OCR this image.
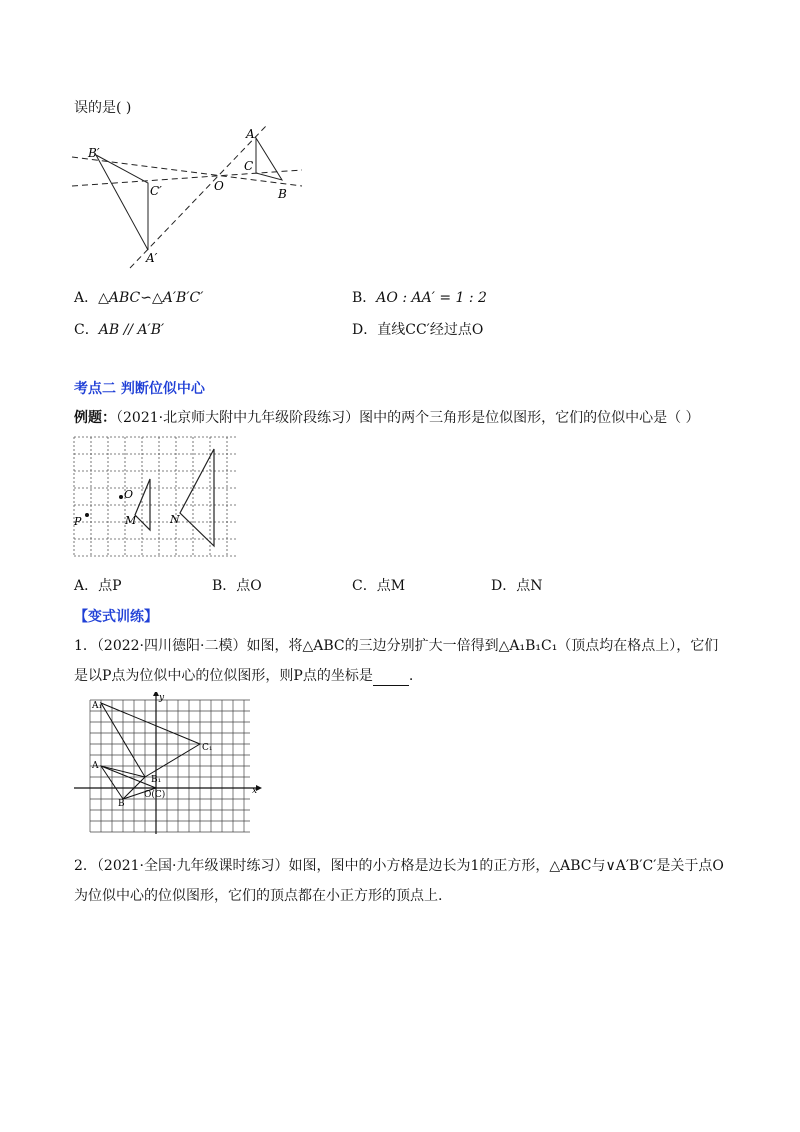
误的是( )
B′
C′
A′
O
A
C
B
A．△ABC∽△A′B′C′	B．AO : AA′ = 1 : 2
C．AB // A′B′	D．直线CC′经过点O
考点二 判断位似中心
例题：（2021·北京师大附中九年级阶段练习）图中的两个三角形是位似图形，它们的位似中心是（ ）
O
P	M	N
A．点P	B．点O	C．点M	D．点N
【变式训练】
1．（2022·四川德阳·二模）如图，将△ABC的三边分别扩大一倍得到△A₁B₁C₁（顶点均在格点上），它们
是以P点为位似中心的位似图形，则P点的坐标是	.
y
x
A₁
C₁
A
B₁
B
O(C)
2．（2021·全国·九年级课时练习）如图，图中的小方格是边长为1的正方形，△ABC与∨A′B′C′是关于点O
为位似中心的位似图形，它们的顶点都在小正方形的顶点上.
